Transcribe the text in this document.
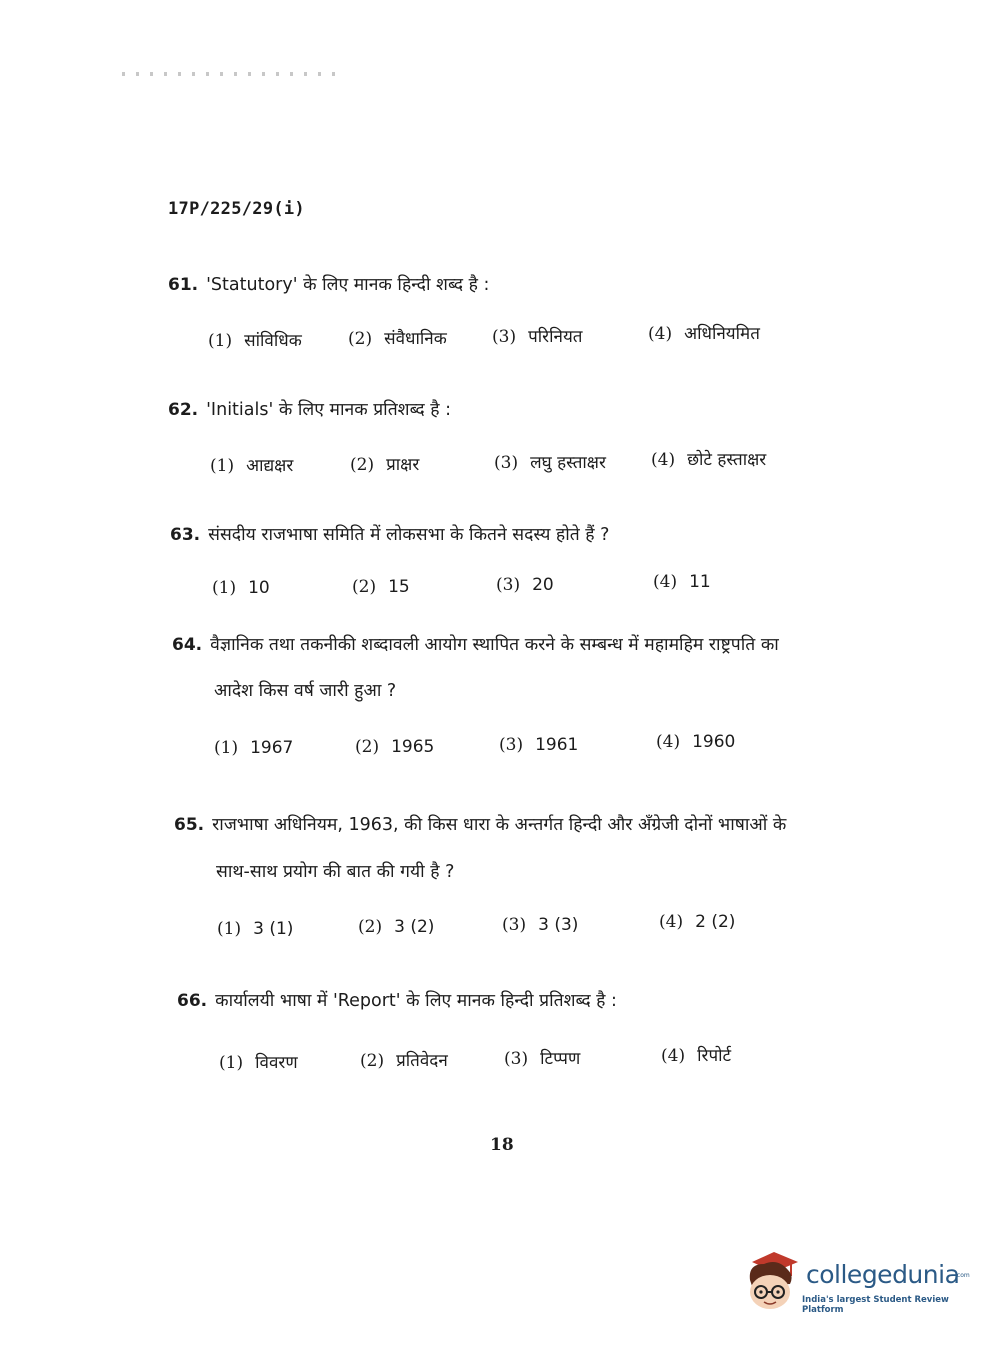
17P/225/29(i)
61. 'Statutory' के लिए मानक हिन्दी शब्द है :
(1) सांविधिक	(2) संवैधानिक	(3) परिनियत	(4) अधिनियमित
62. 'Initials' के लिए मानक प्रतिशब्द है :
(1) आद्यक्षर	(2) प्राक्षर	(3) लघु हस्ताक्षर	(4) छोटे हस्ताक्षर
63. संसदीय राजभाषा समिति में लोकसभा के कितने सदस्य होते हैं ?
(1) 10	(2) 15	(3) 20	(4) 11
64. वैज्ञानिक तथा तकनीकी शब्दावली आयोग स्थापित करने के सम्बन्ध में महामहिम राष्ट्रपति का
आदेश किस वर्ष जारी हुआ ?
(1) 1967	(2) 1965	(3) 1961	(4) 1960
65. राजभाषा अधिनियम, 1963, की किस धारा के अन्तर्गत हिन्दी और अँग्रेजी दोनों भाषाओं के
साथ-साथ प्रयोग की बात की गयी है ?
(1) 3 (1)	(2) 3 (2)	(3) 3 (3)	(4) 2 (2)
66. कार्यालयी भाषा में 'Report' के लिए मानक हिन्दी प्रतिशब्द है :
(1) विवरण	(2) प्रतिवेदन	(3) टिप्पण	(4) रिपोर्ट
18
collegedunia
.com
India's largest Student Review Platform
